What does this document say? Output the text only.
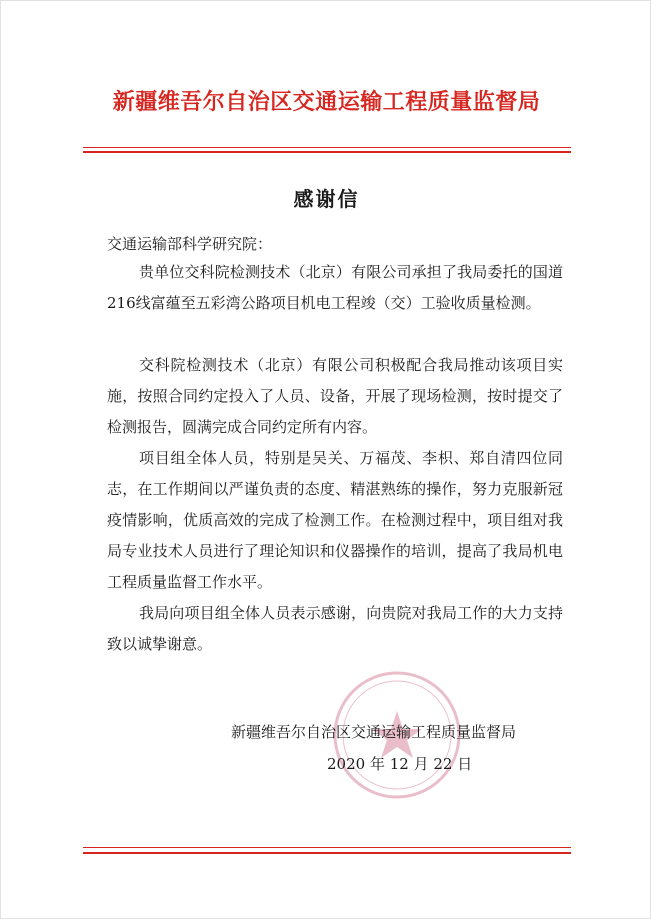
新疆维吾尔自治区交通运输工程质量监督局
感谢信
交通运输部科学研究院：
贵单位交科院检测技术（北京）有限公司承担了我局委托的国道216线富蕴至五彩湾公路项目机电工程竣（交）工验收质量检测。
交科院检测技术（北京）有限公司积极配合我局推动该项目实施，按照合同约定投入了人员、设备，开展了现场检测，按时提交了检测报告，圆满完成合同约定所有内容。
项目组全体人员，特别是吴关、万福茂、李枳、郑自清四位同志，在工作期间以严谨负责的态度、精湛熟练的操作，努力克服新冠疫情影响，优质高效的完成了检测工作。在检测过程中，项目组对我局专业技术人员进行了理论知识和仪器操作的培训，提高了我局机电工程质量监督工作水平。
我局向项目组全体人员表示感谢，向贵院对我局工作的大力支持致以诚挚谢意。
新疆维吾尔自治区交通运输工程质量监督局
2020 年 12 月 22 日
